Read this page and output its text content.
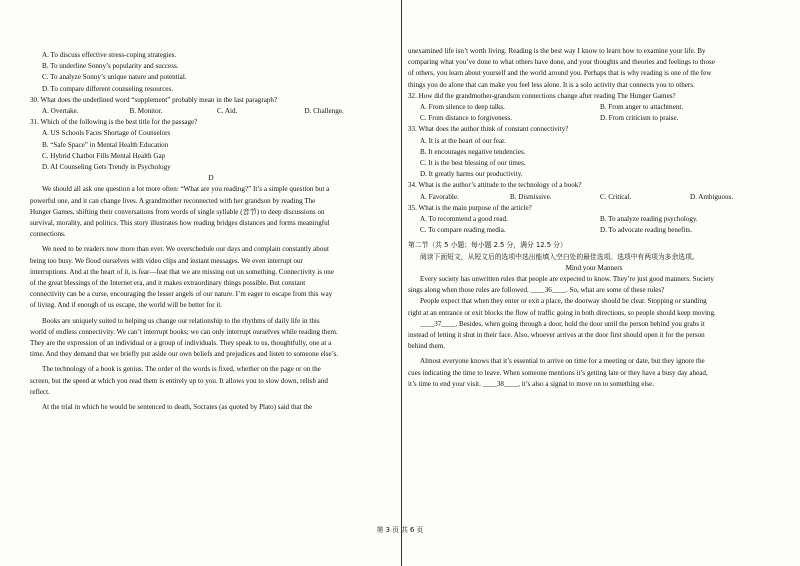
A. To discuss effective stress-coping strategies.
B. To underline Sonny’s popularity and success.
C. To analyze Sonny’s unique nature and potential.
D. To compare different counseling resources.
30. What does the underlined word “supplement” probably mean in the last paragraph?
A. Overtake.	B. Monitor.	C. Aid.	D. Challenge.
31. Which of the following is the best title for the passage?
A. US Schools Faces Shortage of Counselors
B. “Safe Space” in Mental Health Education
C. Hybrid Chatbot Fills Mental Health Gap
D. AI Counseling Gets Trendy in Psychology
D
We should all ask one question a lot more often: “What are you reading?” It’s a simple question but a
powerful one, and it can change lives. A grandmother reconnected with her grandson by reading The
Hunger Games, shifting their conversations from words of single syllable (音节) to deep discussions on
survival, morality, and politics. This story illustrates how reading bridges distances and forms meaningful
connections.
We need to be readers now more than ever. We overschedule our days and complain constantly about
being too busy. We flood ourselves with video clips and instant messages. We even interrupt our
interruptions. And at the heart of it, is fear—fear that we are missing out on something. Connectivity is one
of the great blessings of the Internet era, and it makes extraordinary things possible. But constant
connectivity can be a curse, encouraging the lesser angels of our nature. I’m eager to escape from this way
of living. And if enough of us escape, the world will be better for it.
Books are uniquely suited to helping us change our relationship to the rhythms of daily life in this
world of endless connectivity. We can’t interrupt books; we can only interrupt ourselves while reading them.
They are the expression of an individual or a group of individuals. They speak to us, thoughtfully, one at a
time. And they demand that we briefly put aside our own beliefs and prejudices and listen to someone else’s.
The technology of a book is genius. The order of the words is fixed, whether on the page or on the
screen, but the speed at which you read them is entirely up to you. It allows you to slow down, relish and
reflect.
At the trial in which he would be sentenced to death, Socrates (as quoted by Plato) said that the
unexamined life isn’t worth living. Reading is the best way I know to learn how to examine your life. By
comparing what you’ve done to what others have done, and your thoughts and theories and feelings to those
of others, you learn about yourself and the world around you. Perhaps that is why reading is one of the few
things you do alone that can make you feel less alone. It is a solo activity that connects you to others.
32. How did the grandmother-grandson connections change after reading The Hunger Games?
A. From silence to deep talks.	B. From anger to attachment.
C. From distance to forgiveness.	D. From criticism to praise.
33. What does the author think of constant connectivity?
A. It is at the heart of our fear.
B. It encourages negative tendencies.
C. It is the best blessing of our times.
D. It greatly harms our productivity.
34. What is the author’s attitude to the technology of a book?
A. Favorable.	B. Dismissive.	C. Critical.	D. Ambiguous.
35. What is the main purpose of the article?
A. To recommend a good read.	B. To analyze reading psychology.
C. To compare reading media.	D. To advocate reading benefits.
第二节（共 5 小题；每小题 2.5 分，满分 12.5 分）
阅读下面短文，从短文后的选项中选出能填入空白处的最佳选项。选项中有两项为多余选项。
Mind your Manners
Every society has unwritten rules that people are expected to know. They’re just good manners. Society
sings along when those rules are followed. ____36____. So, what are some of these rules?
People expect that when they enter or exit a place, the doorway should be clear. Stopping or standing
right at an entrance or exit blocks the flow of traffic going in both directions, so people should keep moving.
____37____. Besides, when going through a door, hold the door until the person behind you grabs it
instead of letting it shut in their face. Also, whoever arrives at the door first should open it for the person
behind them.
Almost everyone knows that it’s essential to arrive on time for a meeting or date, but they ignore the
cues indicating the time to leave. When someone mentions it’s getting late or they have a busy day ahead,
it’s time to end your visit. ____38____, it’s also a signal to move on to something else.
第 3 页 共 6 页
